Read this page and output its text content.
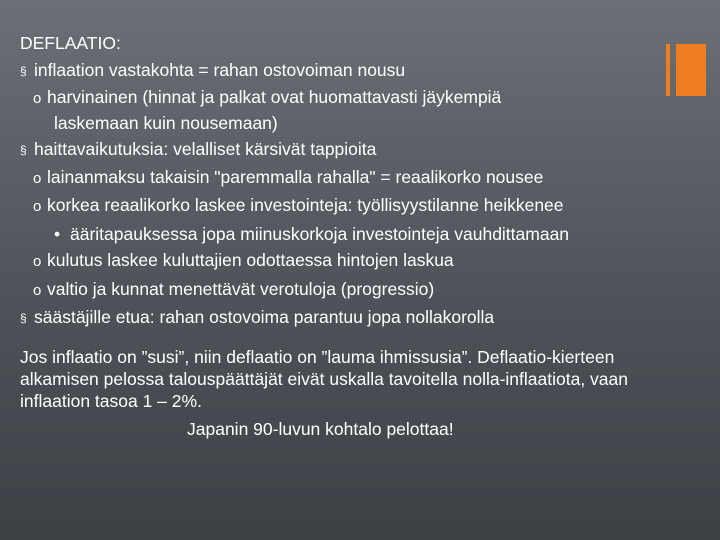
DEFLAATIO:
§ inflaation vastakohta = rahan ostovoiman nousu
o harvinainen (hinnat ja palkat ovat huomattavasti jäykempiä
laskemaan kuin nousemaan)
§ haittavaikutuksia: velalliset kärsivät tappioita
o lainanmaksu takaisin "paremmalla rahalla" = reaalikorko nousee
o korkea reaalikorko laskee investointeja: työllisyystilanne heikkenee
• ääritapauksessa jopa miinuskorkoja investointeja vauhdittamaan
o kulutus laskee kuluttajien odottaessa hintojen laskua
o valtio ja kunnat menettävät verotuloja (progressio)
§ säästäjille etua: rahan ostovoima parantuu jopa nollakorolla
Jos inflaatio on ”susi”, niin deflaatio on ”lauma ihmissusia”. Deflaatio-kierteen alkamisen pelossa talouspäättäjät eivät uskalla tavoitella nolla-inflaatiota, vaan inflaation tasoa 1 – 2%.
Japanin 90-luvun kohtalo pelottaa!
